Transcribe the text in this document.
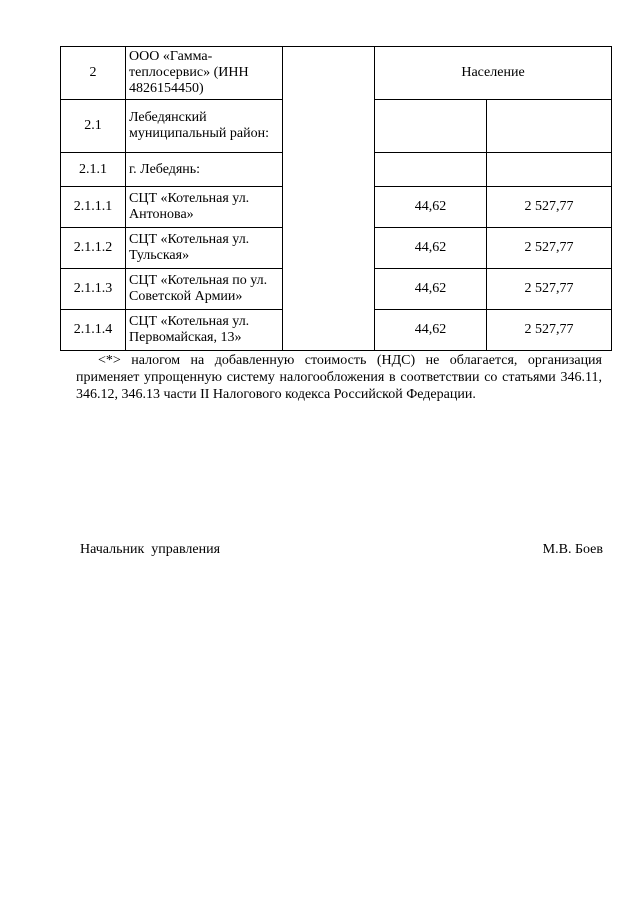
2	ООО «Гамма-теплосервис» (ИНН 4826154450)		Население	
2.1	Лебедянский муниципальный район:			
2.1.1	г. Лебедянь:			
2.1.1.1	СЦТ «Котельная ул. Антонова»		44,62	2 527,77
2.1.1.2	СЦТ «Котельная ул. Тульская»		44,62	2 527,77
2.1.1.3	СЦТ «Котельная по ул. Советской Армии»		44,62	2 527,77
2.1.1.4	СЦТ «Котельная ул. Первомайская, 13»		44,62	2 527,77

<*> налогом на добавленную стоимость (НДС) не облагается, организация применяет упрощенную систему налогообложения в соответствии со статьями 346.11, 346.12, 346.13 части II Налогового кодекса Российской Федерации.

Начальник  управления	М.В. Боев
